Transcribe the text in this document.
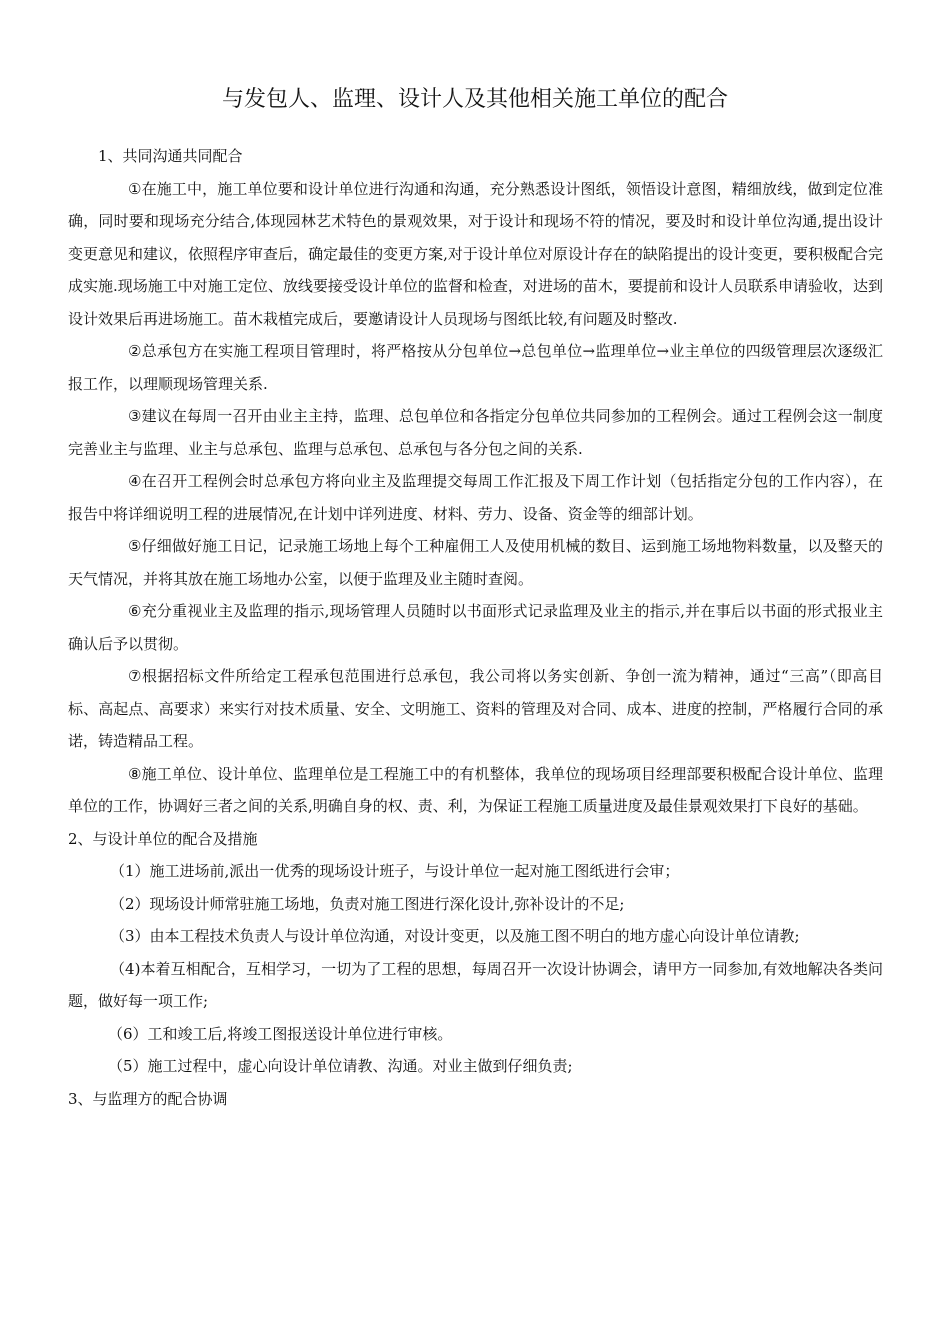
与发包人、监理、设计人及其他相关施工单位的配合

1、共同沟通共同配合

①在施工中，施工单位要和设计单位进行沟通和沟通，充分熟悉设计图纸，领悟设计意图，精细放线，做到定位准确，同时要和现场充分结合,体现园林艺术特色的景观效果，对于设计和现场不符的情况，要及时和设计单位沟通,提出设计变更意见和建议，依照程序审查后，确定最佳的变更方案,对于设计单位对原设计存在的缺陷提出的设计变更，要积极配合完成实施.现场施工中对施工定位、放线要接受设计单位的监督和检查，对进场的苗木，要提前和设计人员联系申请验收，达到设计效果后再进场施工。苗木栽植完成后，要邀请设计人员现场与图纸比较,有问题及时整改.

②总承包方在实施工程项目管理时，将严格按从分包单位→总包单位→监理单位→业主单位的四级管理层次逐级汇报工作，以理顺现场管理关系.

③建议在每周一召开由业主主持，监理、总包单位和各指定分包单位共同参加的工程例会。通过工程例会这一制度完善业主与监理、业主与总承包、监理与总承包、总承包与各分包之间的关系.

④在召开工程例会时总承包方将向业主及监理提交每周工作汇报及下周工作计划（包括指定分包的工作内容），在报告中将详细说明工程的进展情况,在计划中详列进度、材料、劳力、设备、资金等的细部计划。

⑤仔细做好施工日记，记录施工场地上每个工种雇佣工人及使用机械的数目、运到施工场地物料数量，以及整天的天气情况，并将其放在施工场地办公室，以便于监理及业主随时查阅。

⑥充分重视业主及监理的指示,现场管理人员随时以书面形式记录监理及业主的指示,并在事后以书面的形式报业主确认后予以贯彻。

⑦根据招标文件所给定工程承包范围进行总承包，我公司将以务实创新、争创一流为精神，通过“三高”（即高目标、高起点、高要求）来实行对技术质量、安全、文明施工、资料的管理及对合同、成本、进度的控制，严格履行合同的承诺，铸造精品工程。

⑧施工单位、设计单位、监理单位是工程施工中的有机整体，我单位的现场项目经理部要积极配合设计单位、监理单位的工作，协调好三者之间的关系,明确自身的权、责、利，为保证工程施工质量进度及最佳景观效果打下良好的基础。

2、与设计单位的配合及措施

（1）施工进场前,派出一优秀的现场设计班子，与设计单位一起对施工图纸进行会审；

（2）现场设计师常驻施工场地，负责对施工图进行深化设计,弥补设计的不足;

（3）由本工程技术负责人与设计单位沟通，对设计变更，以及施工图不明白的地方虚心向设计单位请教;

（4)本着互相配合，互相学习，一切为了工程的思想，每周召开一次设计协调会，请甲方一同参加,有效地解决各类问题，做好每一项工作;

（6）工和竣工后,将竣工图报送设计单位进行审核。

（5）施工过程中，虚心向设计单位请教、沟通。对业主做到仔细负责;

3、与监理方的配合协调
